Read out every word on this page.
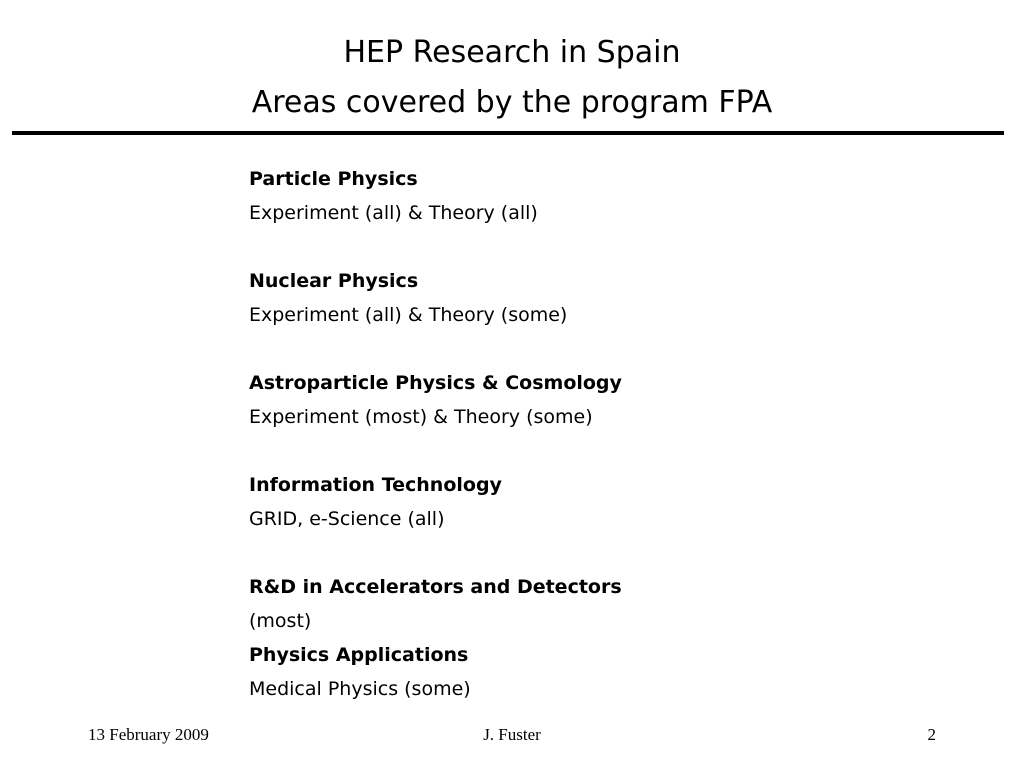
HEP Research in Spain
Areas covered by the program FPA
Particle Physics
Experiment (all) & Theory (all)
Nuclear Physics
Experiment (all) & Theory (some)
Astroparticle Physics & Cosmology
Experiment (most) & Theory (some)
Information Technology
GRID, e-Science (all)
R&D in Accelerators and Detectors
(most)
Physics Applications
Medical Physics (some)
13 February 2009	J. Fuster	2
